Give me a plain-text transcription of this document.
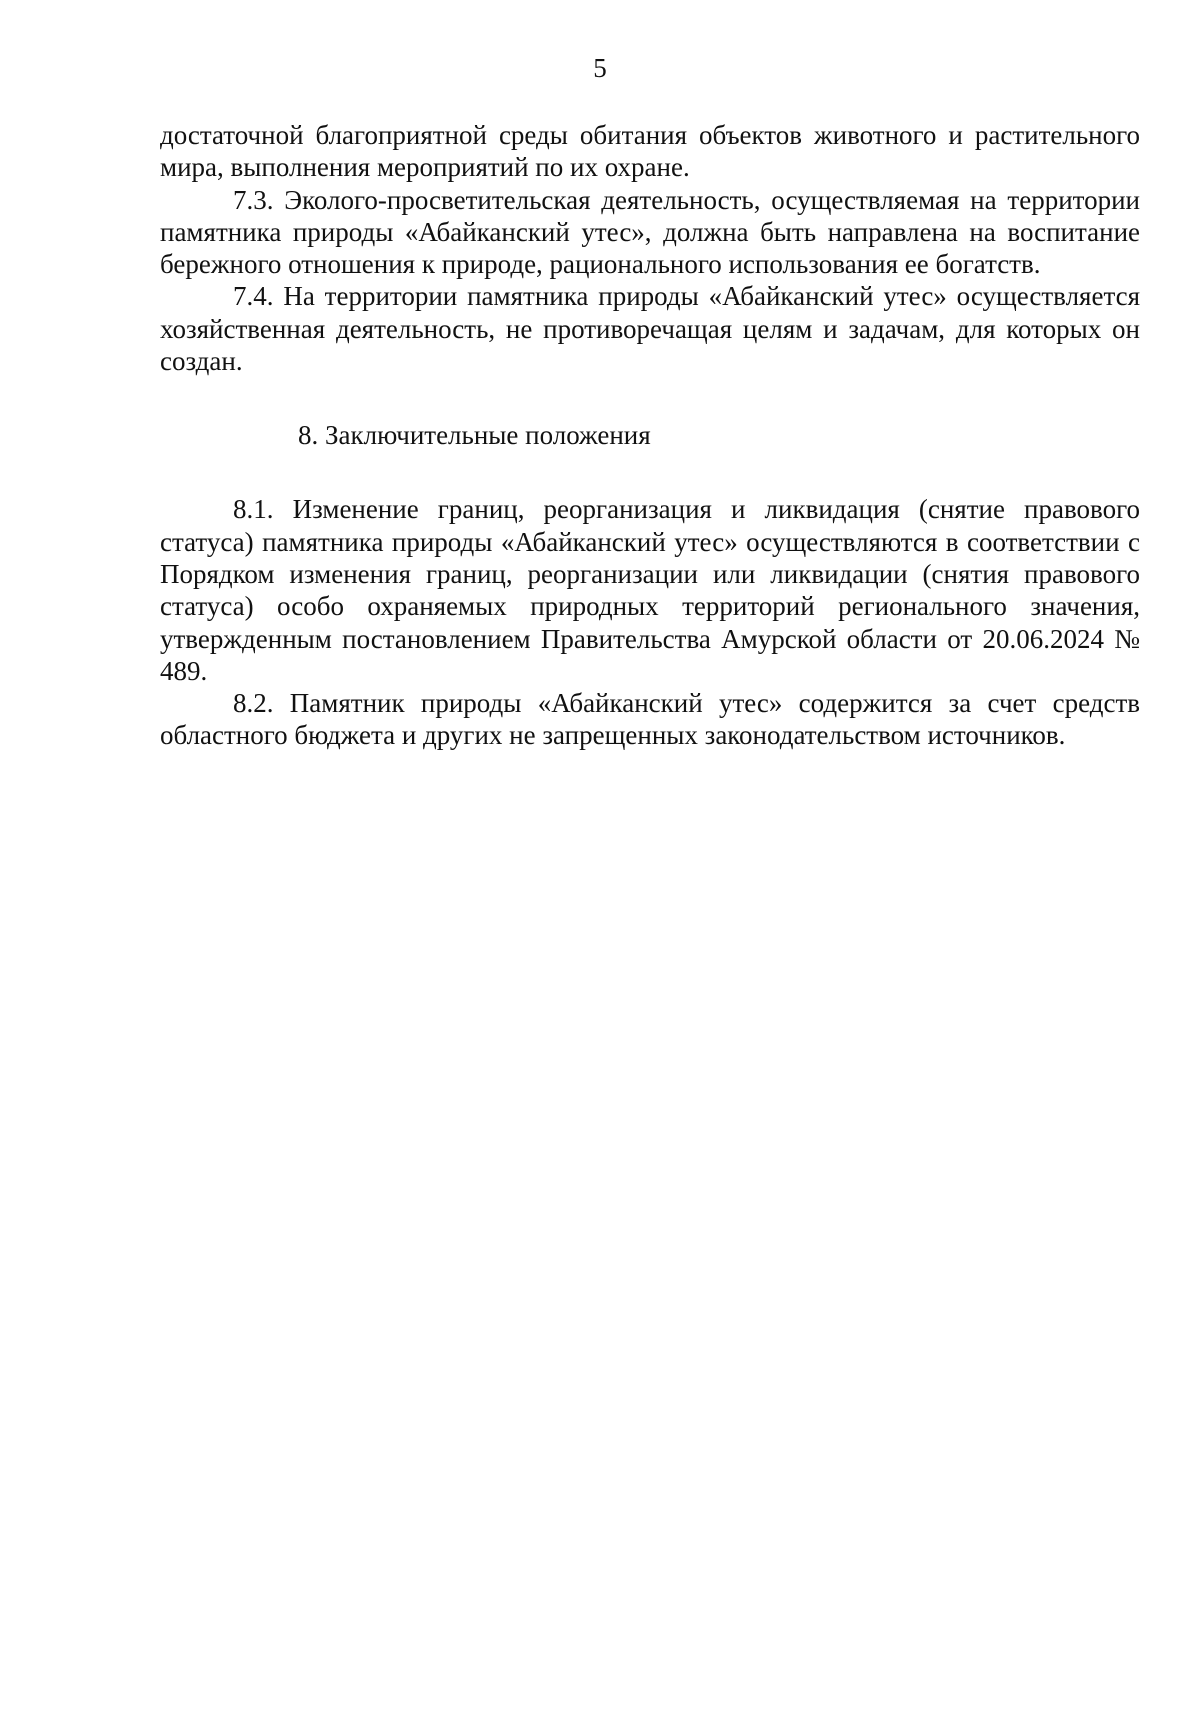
5

достаточной благоприятной среды обитания объектов животного и растительного мира, выполнения мероприятий по их охране.

7.3. Эколого-просветительская деятельность, осуществляемая на территории памятника природы «Абайканский утес», должна быть направлена на воспитание бережного отношения к природе, рационального использования ее богатств.

7.4. На территории памятника природы «Абайканский утес» осуществляется хозяйственная деятельность, не противоречащая целям и задачам, для которых он создан.

8. Заключительные положения

8.1. Изменение границ, реорганизация и ликвидация (снятие правового статуса) памятника природы «Абайканский утес» осуществляются в соответствии с Порядком изменения границ, реорганизации или ликвидации (снятия правового статуса) особо охраняемых природных территорий регионального значения, утвержденным постановлением Правительства Амурской области от 20.06.2024 № 489.

8.2. Памятник природы «Абайканский утес» содержится за счет средств областного бюджета и других не запрещенных законодательством источников.
